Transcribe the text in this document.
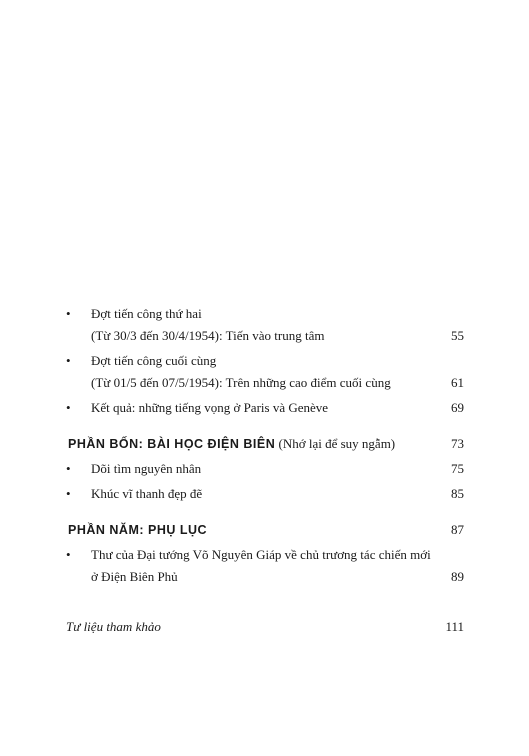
•	Đợt tiến công thứ hai
(Từ 30/3 đến 30/4/1954): Tiến vào trung tâm	55
•	Đợt tiến công cuối cùng
(Từ 01/5 đến 07/5/1954): Trên những cao điểm cuối cùng	61
•	Kết quả: những tiếng vọng ở Paris và Genève	69
PHẦN BỐN: BÀI HỌC ĐIỆN BIÊN (Nhớ lại để suy ngẫm)	73
•	Dõi tìm nguyên nhân	75
•	Khúc vĩ thanh đẹp đẽ	85
PHẦN NĂM: PHỤ LỤC	87
•	Thư của Đại tướng Võ Nguyên Giáp về chủ trương tác chiến mới
ở Điện Biên Phủ	89
Tư liệu tham khảo	111
